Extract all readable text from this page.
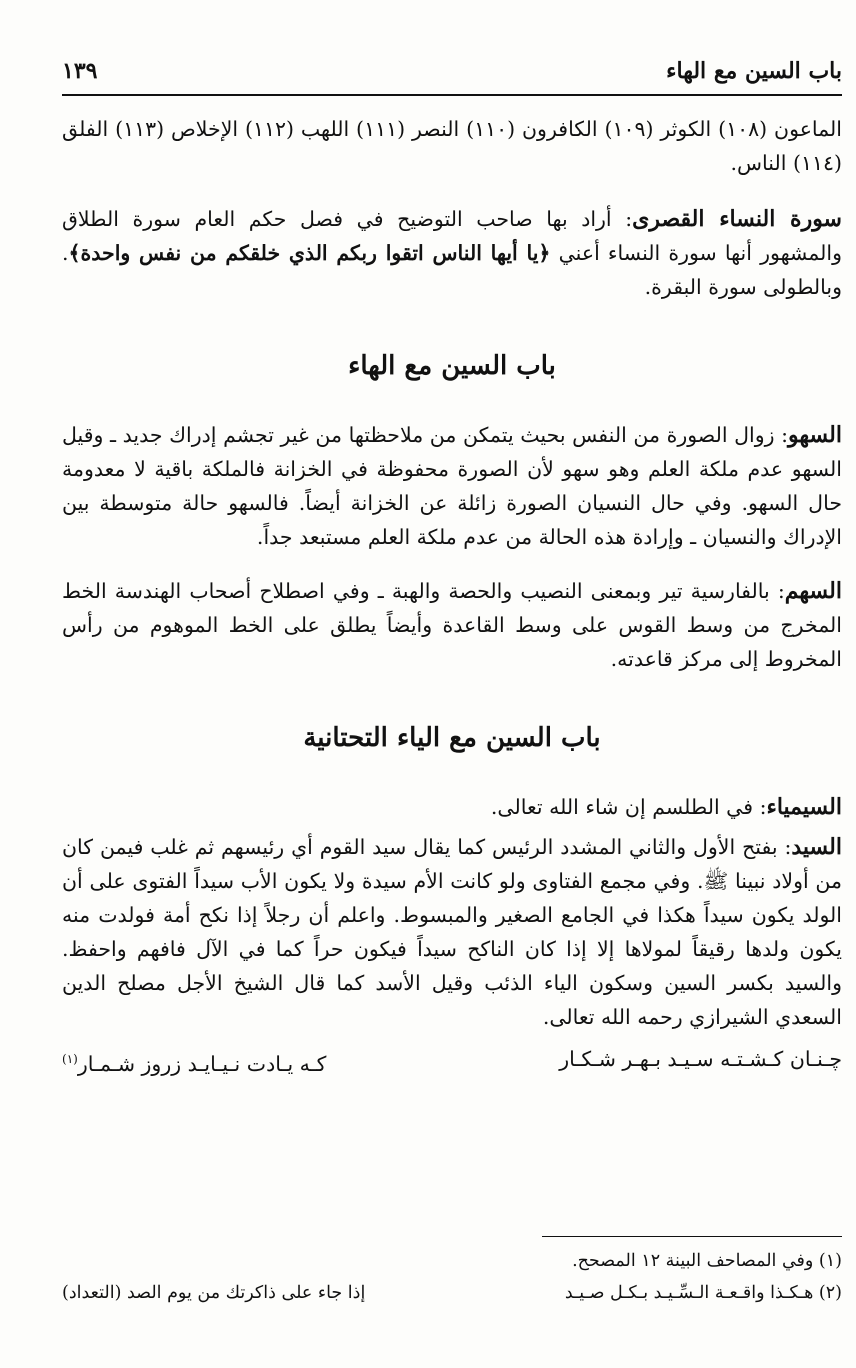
باب السين مع الهاء
١٣٩

الماعون (١٠٨) الكوثر (١٠٩) الكافرون (١١٠) النصر (١١١) اللهب (١١٢) الإخلاص (١١٣) الفلق (١١٤) الناس.

سورة النساء القصرى: أراد بها صاحب التوضيح في فصل حكم العام سورة الطلاق والمشهور أنها سورة النساء أعني ﴿يا أيها الناس اتقوا ربكم الذي خلقكم من نفس واحدة﴾. وبالطولى سورة البقرة.

باب السين مع الهاء

السهو: زوال الصورة من النفس بحيث يتمكن من ملاحظتها من غير تجشم إدراك جديد ـ وقيل السهو عدم ملكة العلم وهو سهو لأن الصورة محفوظة في الخزانة فالملكة باقية لا معدومة حال السهو. وفي حال النسيان الصورة زائلة عن الخزانة أيضاً. فالسهو حالة متوسطة بين الإدراك والنسيان ـ وإرادة هذه الحالة من عدم ملكة العلم مستبعد جداً.

السهم: بالفارسية تير وبمعنى النصيب والحصة والهبة ـ وفي اصطلاح أصحاب الهندسة الخط المخرج من وسط القوس على وسط القاعدة وأيضاً يطلق على الخط الموهوم من رأس المخروط إلى مركز قاعدته.

باب السين مع الياء التحتانية

السيمياء: في الطلسم إن شاء الله تعالى.

السيد: بفتح الأول والثاني المشدد الرئيس كما يقال سيد القوم أي رئيسهم ثم غلب فيمن كان من أولاد نبينا ﷺ. وفي مجمع الفتاوى ولو كانت الأم سيدة ولا يكون الأب سيداً الفتوى على أن الولد يكون سيداً هكذا في الجامع الصغير والمبسوط. واعلم أن رجلاً إذا نكح أمة فولدت منه يكون ولدها رقيقاً لمولاها إلا إذا كان الناكح سيداً فيكون حراً كما في الآل فافهم واحفظ. والسيد بكسر السين وسكون الياء الذئب وقيل الأسد كما قال الشيخ الأجل مصلح الدين السعدي الشيرازي رحمه الله تعالى.

چـنـان كـشـتـه سـيـد بـهـر شـكـار
كـه يـادت نـيـايـد زروز شـمـار$^{(١)}$
(١) وفي المصاحف البينة ١٢ المصحح.
(٢) هـكـذا واقـعـة الـسِّـيـد بـكـل صـيـد
إذا جاء على ذاكرتك من يوم الصد (التعداد)
